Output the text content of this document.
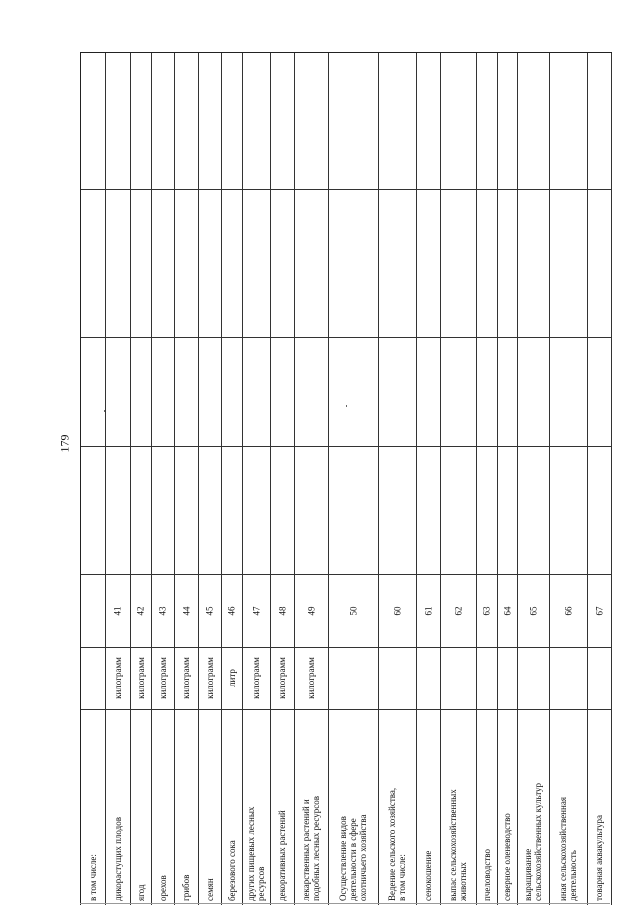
179
в том числе: дикорастущих плодов
килограмм
41
ягод
килограмм
42
орехов
килограмм
43
грибов
килограмм
44
семян
килограмм
45
березового сока
литр
46
других пищевых лесных ресурсов
килограмм
47
декоративных растений
килограмм
48
лекарственных растений и подобных лесных ресурсов
килограмм
49
Осуществление видов деятельности в сфере охотничьего хозяйства
50
Ведение сельского хозяйства, в том числе:
60
сенокошение
61
выпас сельскохозяйственных животных
62
пчеловодство
63
северное оленеводство
64
выращивание сельскохозяйственных культур
65
иная сельскохозяйственная деятельность
66
товарная аквакультура
67
